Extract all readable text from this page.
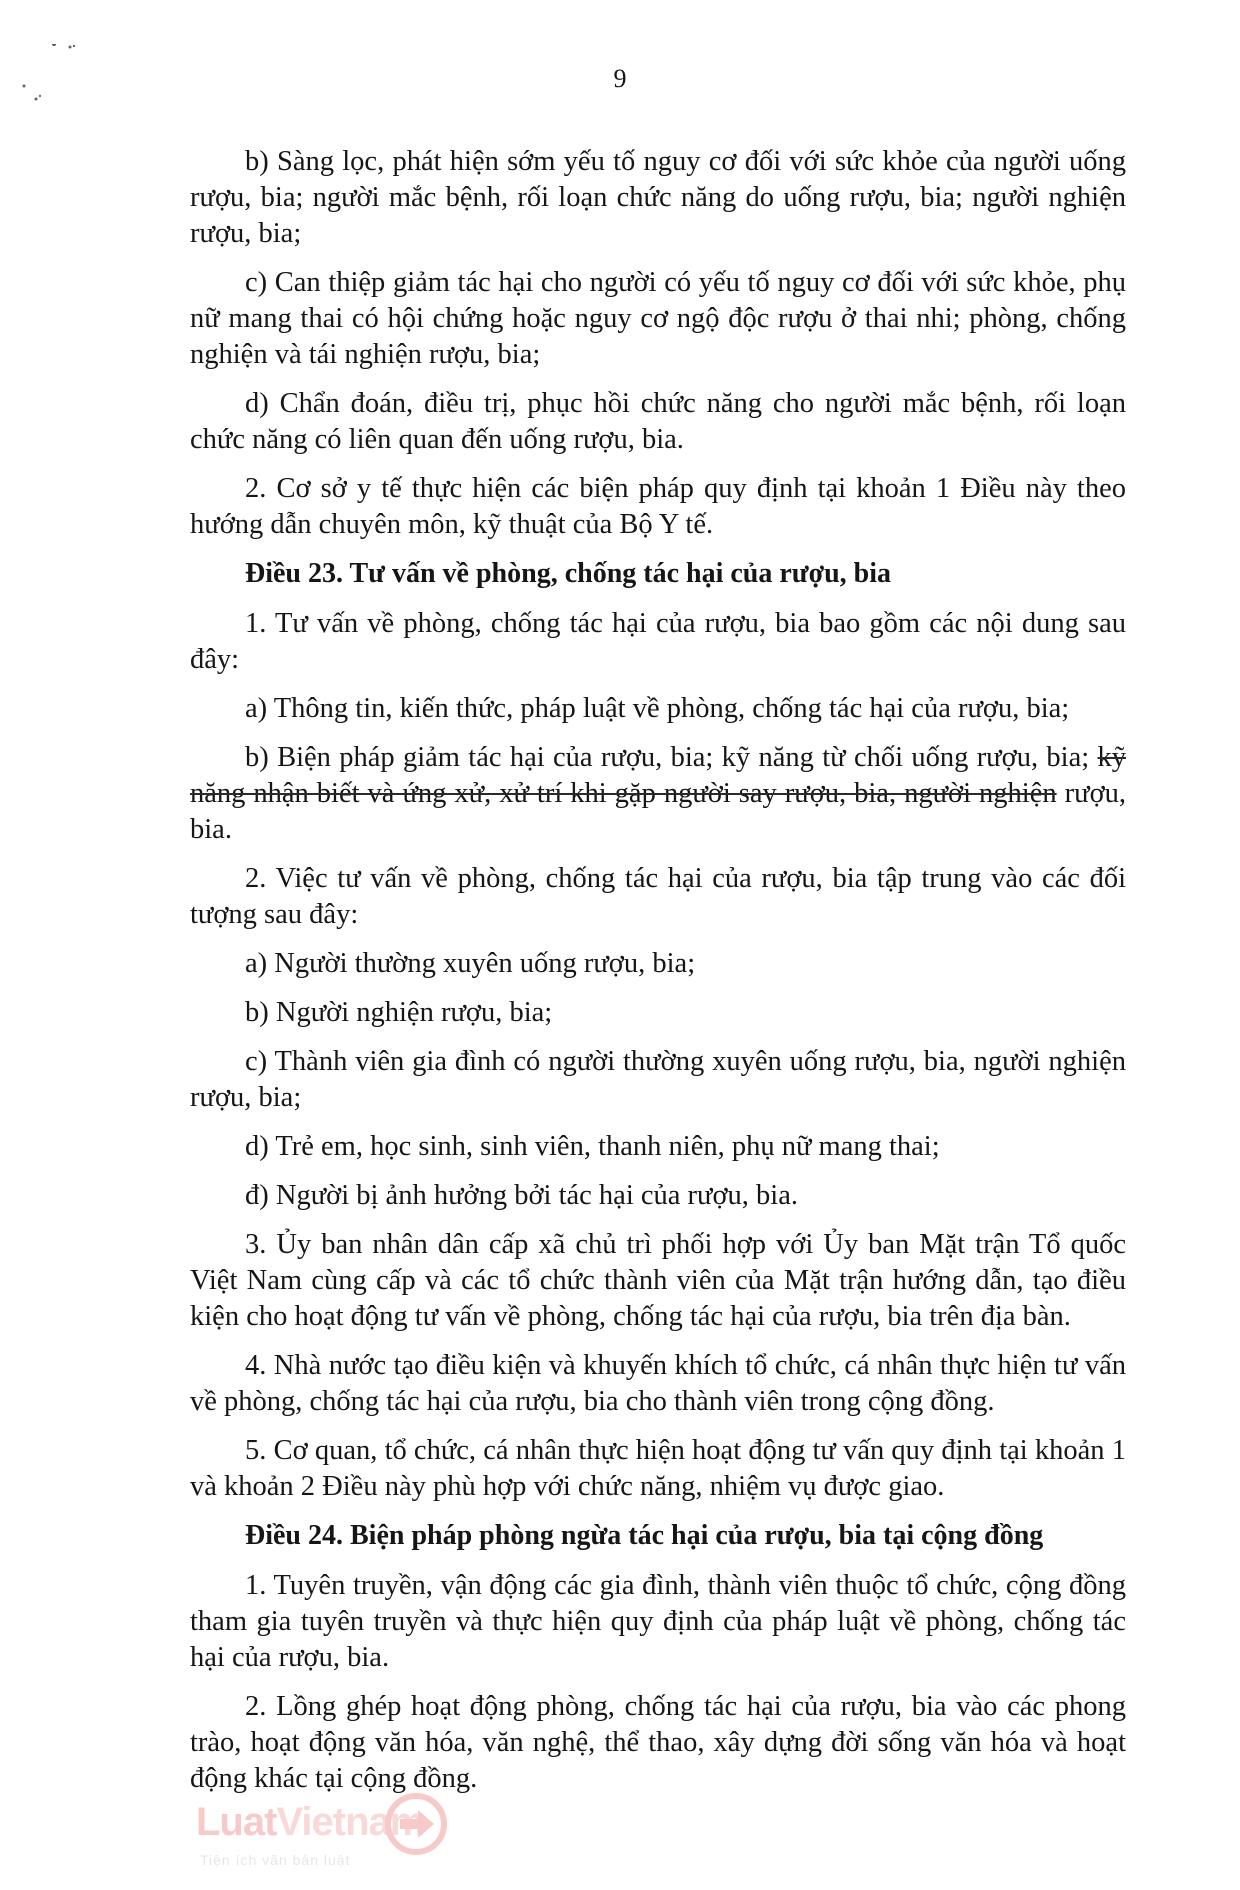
9

b) Sàng lọc, phát hiện sớm yếu tố nguy cơ đối với sức khỏe của người uống rượu, bia; người mắc bệnh, rối loạn chức năng do uống rượu, bia; người nghiện rượu, bia;

c) Can thiệp giảm tác hại cho người có yếu tố nguy cơ đối với sức khỏe, phụ nữ mang thai có hội chứng hoặc nguy cơ ngộ độc rượu ở thai nhi; phòng, chống nghiện và tái nghiện rượu, bia;

d) Chẩn đoán, điều trị, phục hồi chức năng cho người mắc bệnh, rối loạn chức năng có liên quan đến uống rượu, bia.

2. Cơ sở y tế thực hiện các biện pháp quy định tại khoản 1 Điều này theo hướng dẫn chuyên môn, kỹ thuật của Bộ Y tế.

Điều 23. Tư vấn về phòng, chống tác hại của rượu, bia

1. Tư vấn về phòng, chống tác hại của rượu, bia bao gồm các nội dung sau đây:

a) Thông tin, kiến thức, pháp luật về phòng, chống tác hại của rượu, bia;

b) Biện pháp giảm tác hại của rượu, bia; kỹ năng từ chối uống rượu, bia; kỹ năng nhận biết và ứng xử, xử trí khi gặp người say rượu, bia, người nghiện rượu, bia.

2. Việc tư vấn về phòng, chống tác hại của rượu, bia tập trung vào các đối tượng sau đây:

a) Người thường xuyên uống rượu, bia;

b) Người nghiện rượu, bia;

c) Thành viên gia đình có người thường xuyên uống rượu, bia, người nghiện rượu, bia;

d) Trẻ em, học sinh, sinh viên, thanh niên, phụ nữ mang thai;

đ) Người bị ảnh hưởng bởi tác hại của rượu, bia.

3. Ủy ban nhân dân cấp xã chủ trì phối hợp với Ủy ban Mặt trận Tổ quốc Việt Nam cùng cấp và các tổ chức thành viên của Mặt trận hướng dẫn, tạo điều kiện cho hoạt động tư vấn về phòng, chống tác hại của rượu, bia trên địa bàn.

4. Nhà nước tạo điều kiện và khuyến khích tổ chức, cá nhân thực hiện tư vấn về phòng, chống tác hại của rượu, bia cho thành viên trong cộng đồng.

5. Cơ quan, tổ chức, cá nhân thực hiện hoạt động tư vấn quy định tại khoản 1 và khoản 2 Điều này phù hợp với chức năng, nhiệm vụ được giao.

Điều 24. Biện pháp phòng ngừa tác hại của rượu, bia tại cộng đồng

1. Tuyên truyền, vận động các gia đình, thành viên thuộc tổ chức, cộng đồng tham gia tuyên truyền và thực hiện quy định của pháp luật về phòng, chống tác hại của rượu, bia.

2. Lồng ghép hoạt động phòng, chống tác hại của rượu, bia vào các phong trào, hoạt động văn hóa, văn nghệ, thể thao, xây dựng đời sống văn hóa và hoạt động khác tại cộng đồng.

LuatVietnam
Tiện ích văn bản luật
